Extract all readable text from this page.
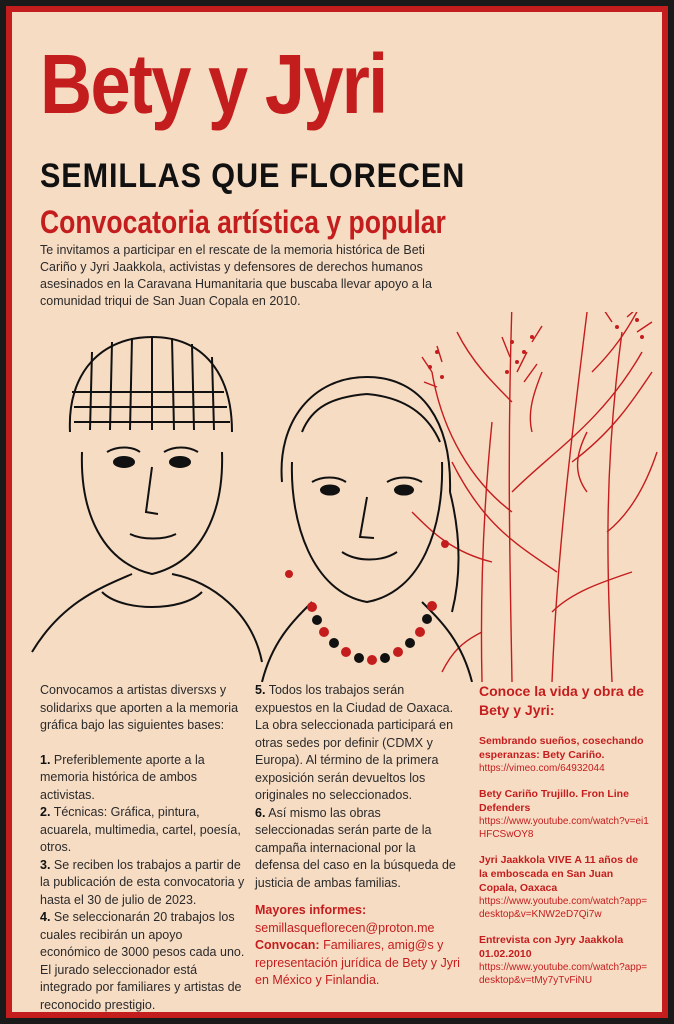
Bety y Jyri
SEMILLAS QUE FLORECEN
Convocatoria artística y popular

Te invitamos a participar en el rescate de la memoria histórica de Beti Cariño y Jyri Jaakkola, activistas y defensores de derechos humanos asesinados en la Caravana Humanitaria que buscaba llevar apoyo a la comunidad triqui de San Juan Copala en 2010.

Convocamos a artistas diversxs y solidarixs que aporten a la memoria gráfica bajo las siguientes bases:

1. Preferiblemente aporte a la memoria histórica de ambos activistas.

2. Técnicas: Gráfica, pintura, acuarela, multimedia, cartel, poesía, otros.

3. Se reciben los trabajos a partir de la publicación de esta convocatoria y hasta el 30 de julio de 2023.

4. Se seleccionarán 20 trabajos los cuales recibirán un apoyo económico de 3000 pesos cada uno. El jurado seleccionador está integrado por familiares y artistas de reconocido prestigio.

5. Todos los trabajos serán expuestos en la Ciudad de Oaxaca. La obra seleccionada participará en otras sedes por definir (CDMX y Europa). Al término de la primera exposición serán devueltos los originales no seleccionados.

6. Así mismo las obras seleccionadas serán parte de la campaña internacional por la defensa del caso en la búsqueda de justicia de ambas familias.

Mayores informes:

semillasqueflorecen@proton.me

Convocan: Familiares, amig@s y representación jurídica de Bety y Jyri en México y Finlandia.

Conoce la vida y obra de Bety y Jyri:

Sembrando sueños, cosechando esperanzas: Bety Cariño.

https://vimeo.com/64932044

Bety Cariño Trujillo. Fron Line Defenders

https://www.youtube.com/watch?v=ei1HFCSwOY8

Jyri Jaakkola VIVE A 11 años de la emboscada en San Juan Copala, Oaxaca

https://www.youtube.com/watch?app=desktop&v=KNW2eD7Qi7w

Entrevista con Jyry Jaakkola 01.02.2010

https://www.youtube.com/watch?app=desktop&v=tMy7yTvFiNU
